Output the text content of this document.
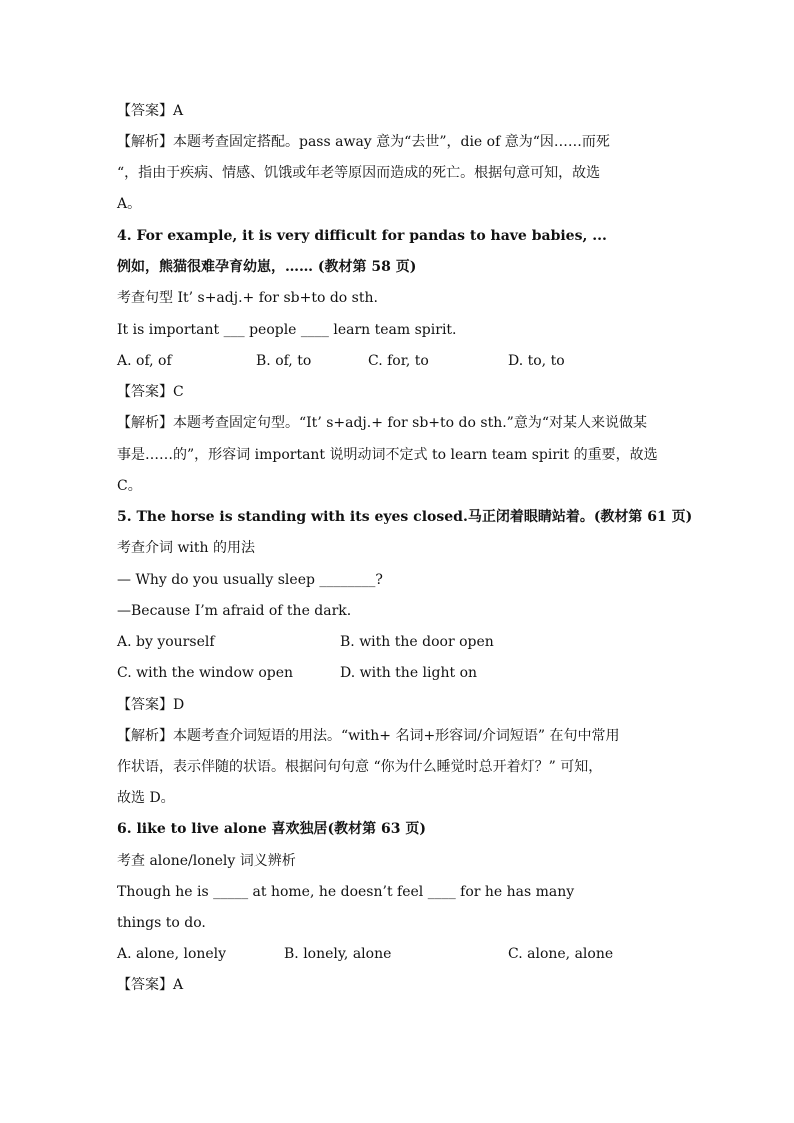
【答案】A
【解析】本题考查固定搭配。pass away 意为“去世”，die of 意为“因……而死
“，指由于疾病、情感、饥饿或年老等原因而造成的死亡。根据句意可知，故选
A。
4. For example, it is very difficult for pandas to have babies, ...
例如，熊猫很难孕育幼崽，…… (教材第 58 页)
考查句型 It’ s+adj.+ for sb+to do sth.
It is important ___ people ____ learn team spirit.
A. of, of	B. of, to	C. for, to	D. to, to
【答案】C
【解析】本题考查固定句型。“It’ s+adj.+ for sb+to do sth.”意为“对某人来说做某
事是……的”，形容词 important 说明动词不定式 to learn team spirit 的重要，故选
C。
5. The horse is standing with its eyes closed.马正闭着眼睛站着。(教材第 61 页)
考查介词 with 的用法
— Why do you usually sleep ________?
—Because I’m afraid of the dark.
A. by yourself	B. with the door open
C. with the window open	D. with the light on
【答案】D
【解析】本题考查介词短语的用法。“with+ 名词+形容词/介词短语” 在句中常用
作状语，表示伴随的状语。根据问句句意 “你为什么睡觉时总开着灯？” 可知，
故选 D。
6. like to live alone 喜欢独居(教材第 63 页)
考查 alone/lonely 词义辨析
Though he is _____ at home, he doesn’t feel ____ for he has many
things to do.
A. alone, lonely	B. lonely, alone	C. alone, alone
【答案】A
